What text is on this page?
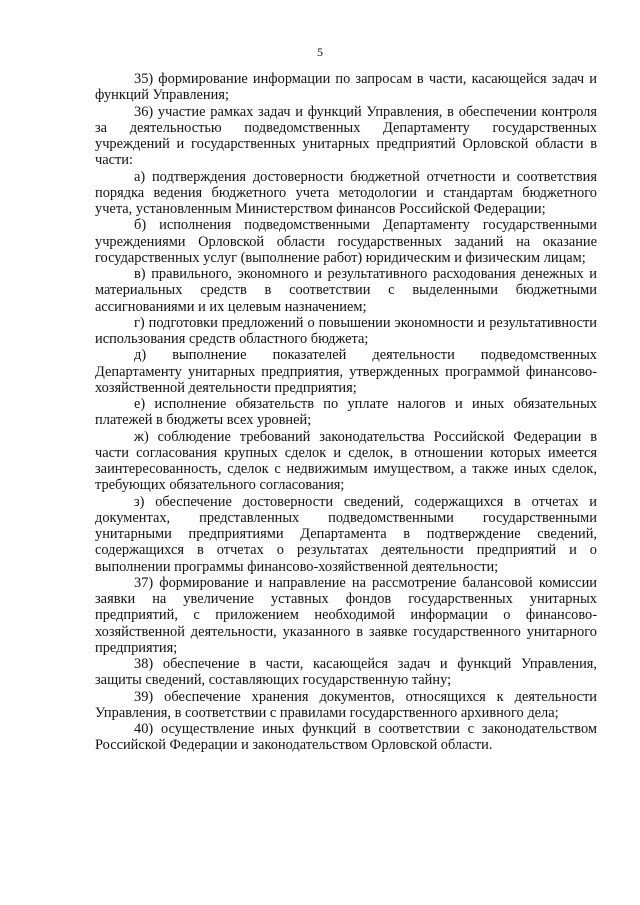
5

35) формирование информации по запросам в части, касающейся задач и функций Управления;

36) участие рамках задач и функций Управления, в обеспечении контроля за деятельностью подведомственных Департаменту государственных учреждений и государственных унитарных предприятий Орловской области в части:

а) подтверждения достоверности бюджетной отчетности и соответствия порядка ведения бюджетного учета методологии и стандартам бюджетного учета, установленным Министерством финансов Российской Федерации;

б) исполнения подведомственными Департаменту государственными учреждениями Орловской области государственных заданий на оказание государственных услуг (выполнение работ) юридическим и физическим лицам;

в) правильного, экономного и результативного расходования денежных и материальных средств в соответствии с выделенными бюджетными ассигнованиями и их целевым назначением;

г) подготовки предложений о повышении экономности и результативности использования средств областного бюджета;

д) выполнение показателей деятельности подведомственных Департаменту унитарных предприятия, утвержденных программой финансово-хозяйственной деятельности предприятия;

е) исполнение обязательств по уплате налогов и иных обязательных платежей в бюджеты всех уровней;

ж) соблюдение требований законодательства Российской Федерации в части согласования крупных сделок и сделок, в отношении которых имеется заинтересованность, сделок с недвижимым имуществом, а также иных сделок, требующих обязательного согласования;

з) обеспечение достоверности сведений, содержащихся в отчетах и документах, представленных подведомственными государственными унитарными предприятиями Департамента в подтверждение сведений, содержащихся в отчетах о результатах деятельности предприятий и о выполнении программы финансово-хозяйственной деятельности;

37) формирование и направление на рассмотрение балансовой комиссии заявки на увеличение уставных фондов государственных унитарных предприятий, с приложением необходимой информации о финансово-хозяйственной деятельности, указанного в заявке государственного унитарного предприятия;

38) обеспечение в части, касающейся задач и функций Управления, защиты сведений, составляющих государственную тайну;

39) обеспечение хранения документов, относящихся к деятельности Управления, в соответствии с правилами государственного архивного дела;

40) осуществление иных функций в соответствии с законодательством Российской Федерации и законодательством Орловской области.
